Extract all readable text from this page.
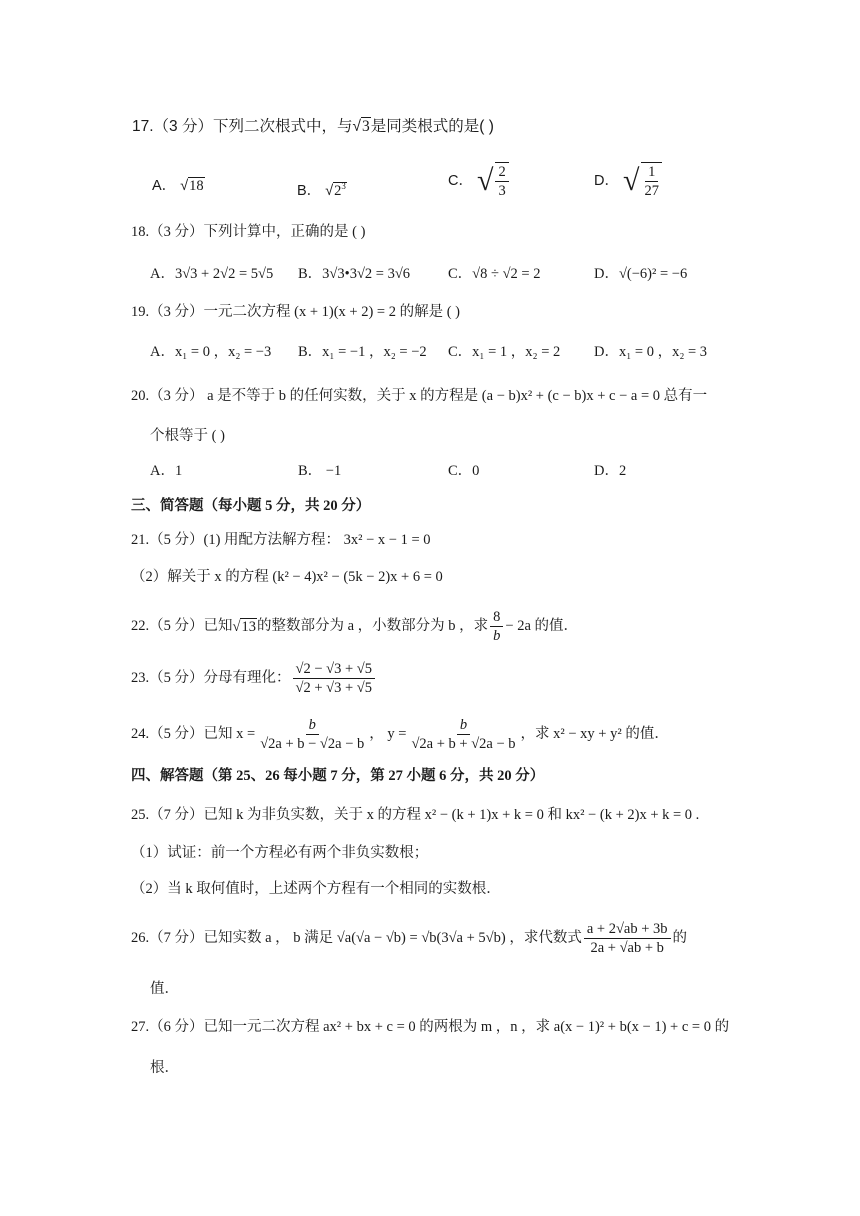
17.（3 分）下列二次根式中，与√3是同类根式的是( )
A． √18	B． $√2^3$	C． √ $\frac{2}{3}$	D． √ $\frac{1}{27}$
18.（3 分）下列计算中，正确的是 ( )
A．3√3 + 2√2 = 5√5 B．3√3•3√2 = 3√6	C．√8 ÷ √2 = 2	D．√(−6)² = −6
19.（3 分）一元二次方程 (x + 1)(x + 2) = 2 的解是 ( )
A．x₁ = 0 ，x₂ = −3 B．x₁ = −1 ，x₂ = −2 C．x₁ = 1 ，x₂ = 2 D．x₁ = 0 ，x₂ = 3
20.（3 分） a 是不等于 b 的任何实数，关于 x 的方程是 (a − b)x² + (c − b)x + c − a = 0 总有一
个根等于 ( )
A．1	B． −1	C．0	D．2
三、简答题（每小题 5 分，共 20 分）
21.（5 分）(1) 用配方法解方程： 3x² − x − 1 = 0
（2）解关于 x 的方程 (k² − 4)x² − (5k − 2)x + 6 = 0
22.（5 分）已知√13的整数部分为 a ，小数部分为 b ，求 $\frac{8}{b} - 2a$ 的值．
23.（5 分）分母有理化： $\frac{√2 - √3 + √5}{√2 + √3 + √5}$
24.（5 分）已知 $x = \frac{b}{√2a + b - √2a - b}$ ， $y = \frac{b}{√2a + b + √2a - b}$ ，求 x² − xy + y² 的值．
四、解答题（第 25、26 每小题 7 分，第 27 小题 6 分，共 20 分）
25.（7 分）已知 k 为非负实数，关于 x 的方程 x² − (k + 1)x + k = 0 和 kx² − (k + 2)x + k = 0 .
（1）试证：前一个方程必有两个非负实数根；
（2）当 k 取何值时，上述两个方程有一个相同的实数根．
26.（7 分）已知实数 a ， b 满足 √a(√a − √b) = √b(3√a + 5√b) ，求代数式 $\frac{a + 2√ab + 3b}{2a + √ab + b}$ 的
值．
27.（6 分）已知一元二次方程 ax² + bx + c = 0 的两根为 m ，n ，求 a(x − 1)² + b(x − 1) + c = 0 的
根．
